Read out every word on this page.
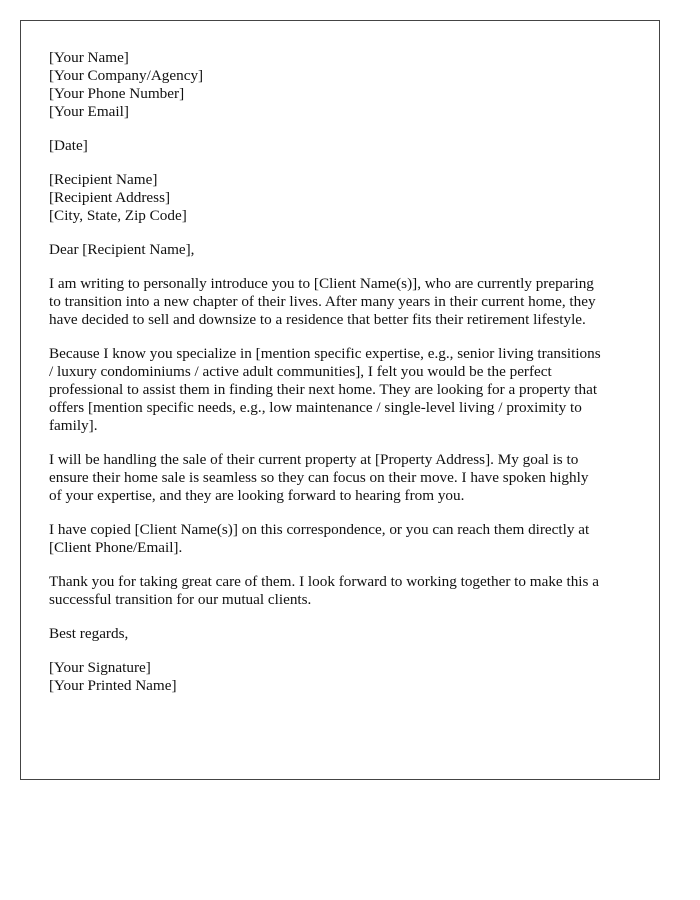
[Your Name]
[Your Company/Agency]
[Your Phone Number]
[Your Email]
[Date]
[Recipient Name]
[Recipient Address]
[City, State, Zip Code]

Dear [Recipient Name],

I am writing to personally introduce you to [Client Name(s)], who are currently preparing
to transition into a new chapter of their lives. After many years in their current home, they
have decided to sell and downsize to a residence that better fits their retirement lifestyle.

Because I know you specialize in [mention specific expertise, e.g., senior living transitions
/ luxury condominiums / active adult communities], I felt you would be the perfect
professional to assist them in finding their next home. They are looking for a property that
offers [mention specific needs, e.g., low maintenance / single-level living / proximity to
family].

I will be handling the sale of their current property at [Property Address]. My goal is to
ensure their home sale is seamless so they can focus on their move. I have spoken highly
of your expertise, and they are looking forward to hearing from you.

I have copied [Client Name(s)] on this correspondence, or you can reach them directly at
[Client Phone/Email].

Thank you for taking great care of them. I look forward to working together to make this a
successful transition for our mutual clients.

Best regards,

[Your Signature]
[Your Printed Name]
